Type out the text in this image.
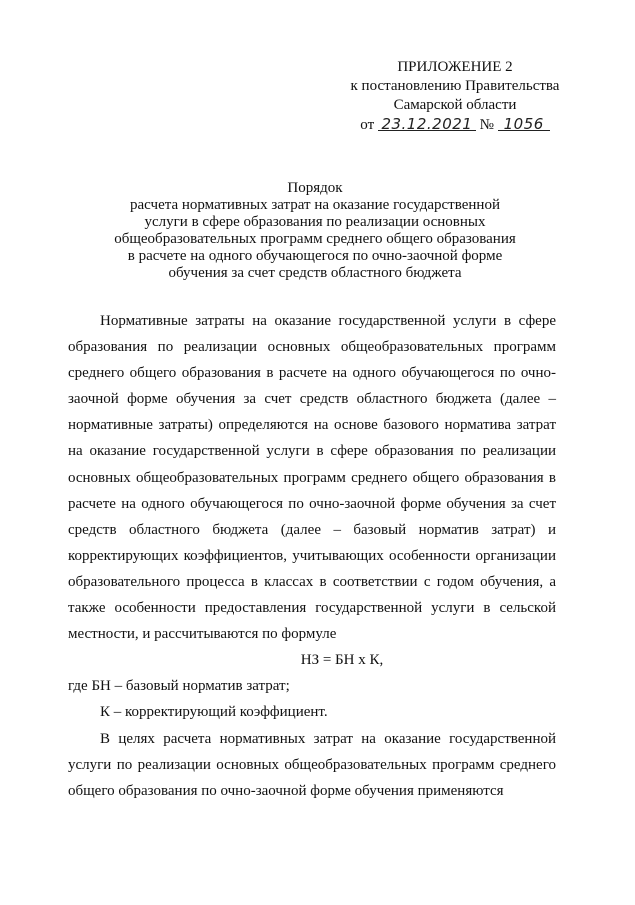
ПРИЛОЖЕНИЕ 2
к постановлению Правительства
Самарской области
от 23.12.2021 № 1056
Порядок
расчета нормативных затрат на оказание государственной
услуги в сфере образования по реализации основных
общеобразовательных программ среднего общего образования
в расчете на одного обучающегося по очно-заочной форме
обучения за счет средств областного бюджета

Нормативные затраты на оказание государственной услуги в сфере образования по реализации основных общеобразовательных программ среднего общего образования в расчете на одного обучающегося по очно-заочной форме обучения за счет средств областного бюджета (далее – нормативные затраты) определяются на основе базового норматива затрат на оказание государственной услуги в сфере образования по реализации основных общеобразовательных программ среднего общего образования в расчете на одного обучающегося по очно-заочной форме обучения за счет средств областного бюджета (далее – базовый норматив затрат) и корректирующих коэффициентов, учитывающих особенности организации образовательного процесса в классах в соответствии с годом обучения, а также особенности предоставления государственной услуги в сельской местности, и рассчитываются по формуле

НЗ = БН х К,

где БН – базовый норматив затрат;

К – корректирующий коэффициент.

В целях расчета нормативных затрат на оказание государственной услуги по реализации основных общеобразовательных программ среднего общего образования по очно-заочной форме обучения применяются
